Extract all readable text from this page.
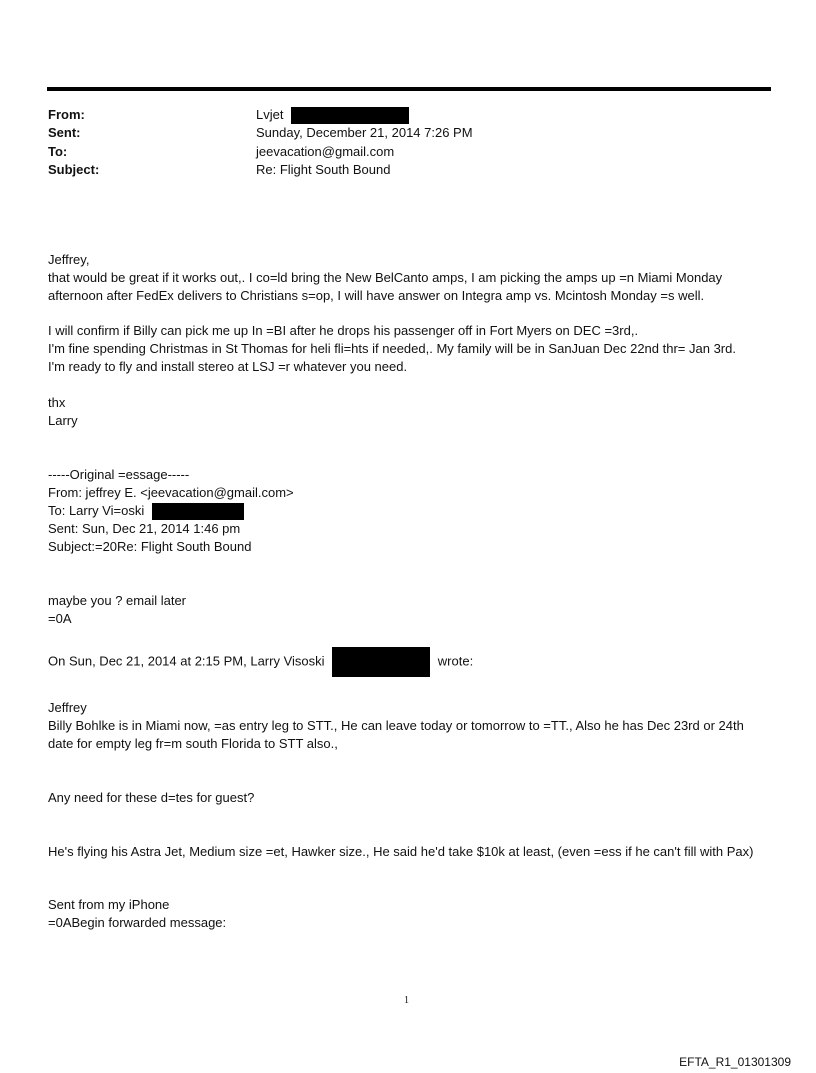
From:	Lvjet
Sent:	Sunday, December 21, 2014 7:26 PM
To:	jeevacation@gmail.com
Subject:	Re: Flight South Bound
Jeffrey,
that would be great if it works out,. I co=ld bring the New BelCanto amps, I am picking the amps up =n Miami Monday
afternoon after FedEx delivers to Christians s=op, I will have answer on Integra amp vs. Mcintosh Monday =s well.
I will confirm if Billy can pick me up In =BI after he drops his passenger off in Fort Myers on DEC =3rd,.
I'm fine spending Christmas in St Thomas for heli fli=hts if needed,. My family will be in SanJuan Dec 22nd thr= Jan 3rd.
I'm ready to fly and install stereo at LSJ =r whatever you need.
thx
Larry
-----Original =essage-----
From: jeffrey E. <jeevacation@gmail.com>
To: Larry Vi=oski
Sent: Sun, Dec 21, 2014 1:46 pm
Subject:=20Re: Flight South Bound
maybe you ? email later
=0A
On Sun, Dec 21, 2014 at 2:15 PM, Larry Visoski	wrote:
Jeffrey
Billy Bohlke is in Miami now, =as entry leg to STT., He can leave today or tomorrow to =TT., Also he has Dec 23rd or 24th
date for empty leg fr=m south Florida to STT also.,
Any need for these d=tes for guest?
He's flying his Astra Jet, Medium size =et, Hawker size., He said he'd take $10k at least, (even =ess if he can't fill with Pax)
Sent from my iPhone
=0ABegin forwarded message:
1
EFTA_R1_01301309
